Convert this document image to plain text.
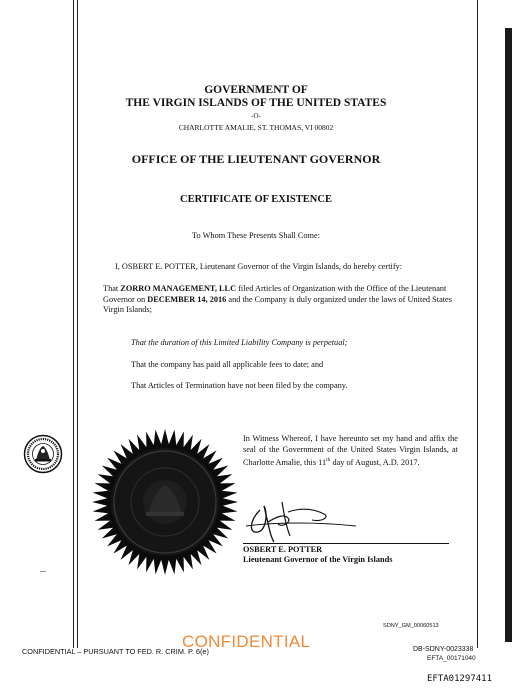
GOVERNMENT OF
THE VIRGIN ISLANDS OF THE UNITED STATES
-O-
CHARLOTTE AMALIE, ST. THOMAS, VI 00802
OFFICE OF THE LIEUTENANT GOVERNOR
CERTIFICATE OF EXISTENCE
To Whom These Presents Shall Come:
I, OSBERT E. POTTER, Lieutenant Governor of the Virgin Islands, do hereby certify:
That ZORRO MANAGEMENT, LLC filed Articles of Organization with the Office of the Lieutenant Governor on DECEMBER 14, 2016 and the Company is duly organized under the laws of United States Virgin Islands;
That the duration of this Limited Liability Company is perpetual;
That the company has paid all applicable fees to date; and
That Articles of Termination have not been filed by the company.
In Witness Whereof, I have hereunto set my hand and affix the seal of the Government of the United States Virgin Islands, at Charlotte Amalie, this 11th day of August, A.D. 2017.
OSBERT E. POTTER
Lieutenant Governor of the Virgin Islands
SDNY_GM_00060513
CONFIDENTIAL – PURSUANT TO FED. R. CRIM. P. 6(e)
CONFIDENTIAL	DB-SDNY-0023338
EFTA_00171040
EFTA01297411
